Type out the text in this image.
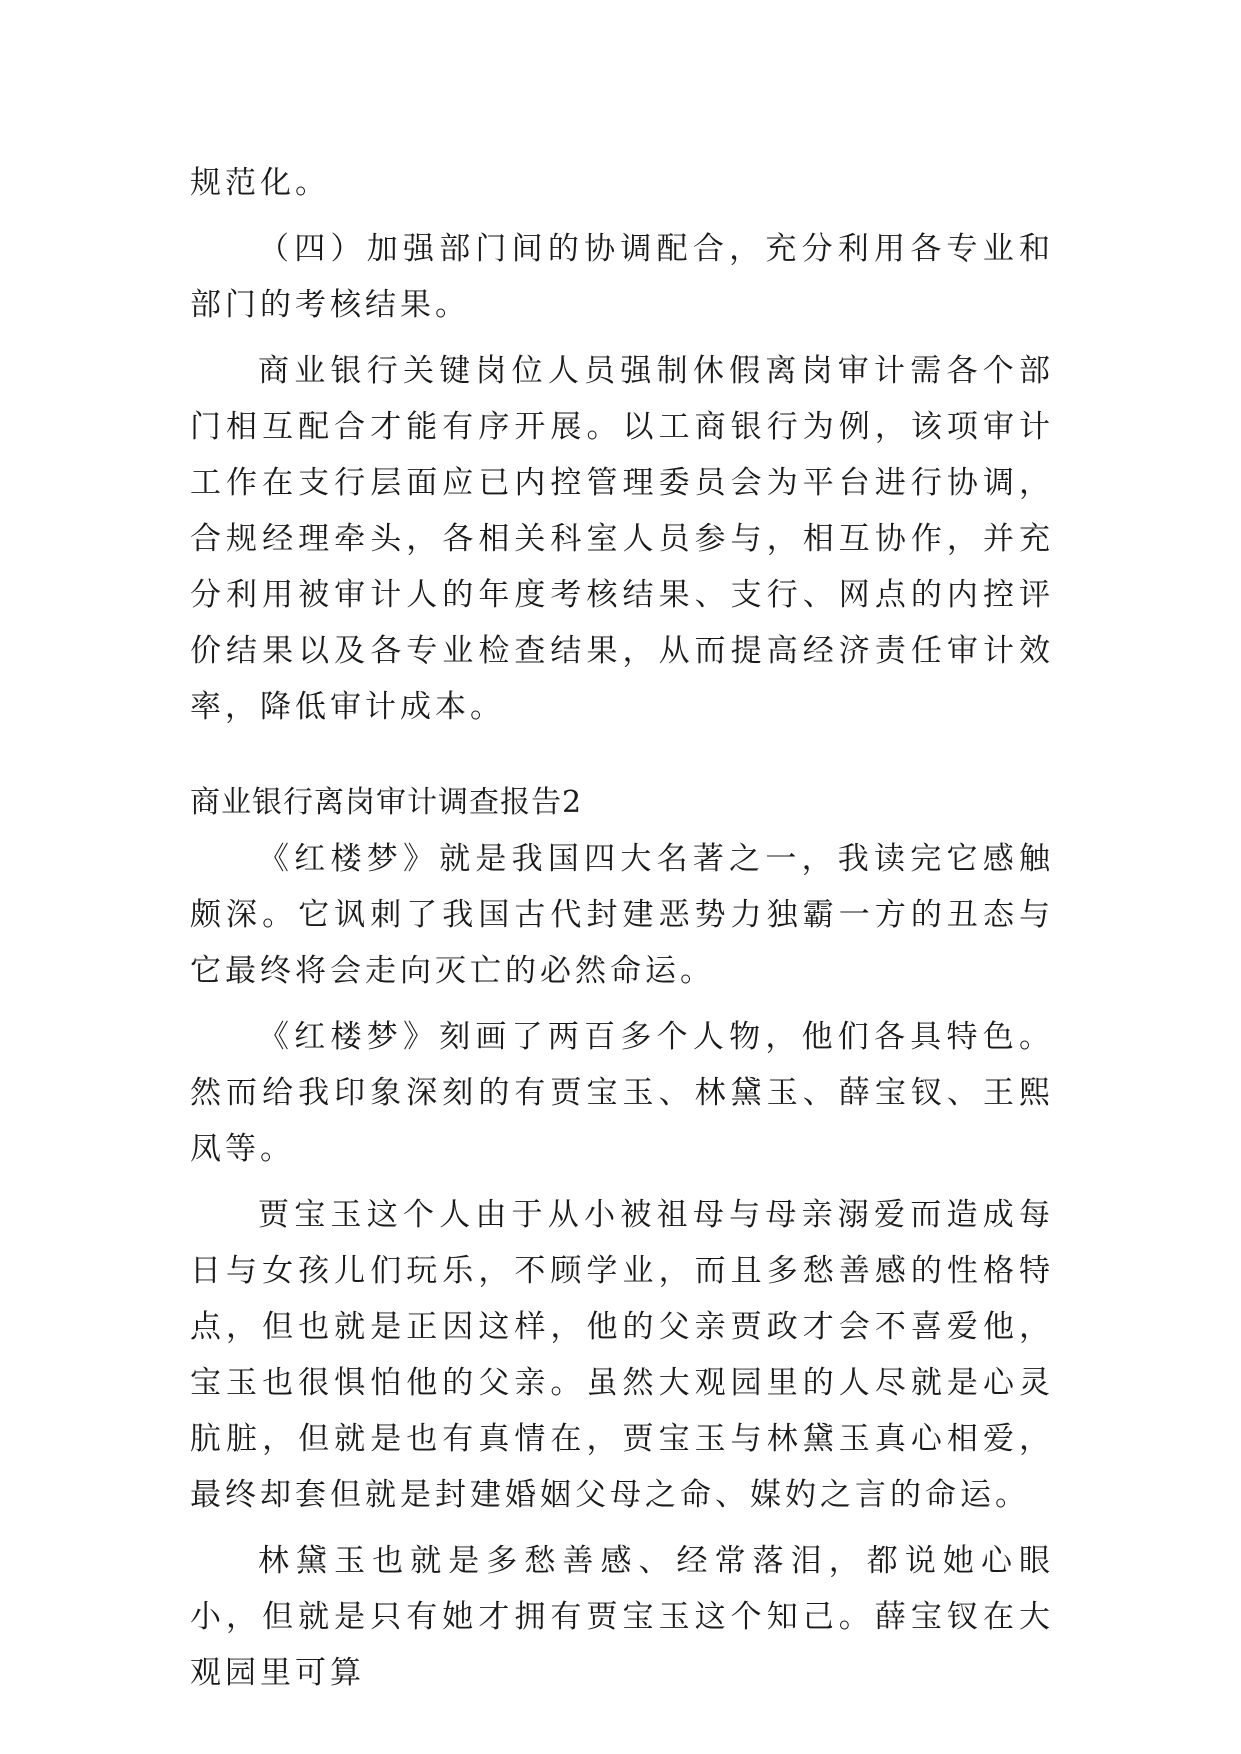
规范化。

（四）加强部门间的协调配合，充分利用各专业和部门的考核结果。

商业银行关键岗位人员强制休假离岗审计需各个部门相互配合才能有序开展。以工商银行为例，该项审计工作在支行层面应已内控管理委员会为平台进行协调，合规经理牵头，各相关科室人员参与，相互协作，并充分利用被审计人的年度考核结果、支行、网点的内控评价结果以及各专业检查结果，从而提高经济责任审计效率，降低审计成本。

商业银行离岗审计调查报告2

《红楼梦》就是我国四大名著之一，我读完它感触颇深。它讽刺了我国古代封建恶势力独霸一方的丑态与它最终将会走向灭亡的必然命运。

《红楼梦》刻画了两百多个人物，他们各具特色。然而给我印象深刻的有贾宝玉、林黛玉、薛宝钗、王熙凤等。

贾宝玉这个人由于从小被祖母与母亲溺爱而造成每日与女孩儿们玩乐，不顾学业，而且多愁善感的性格特点，但也就是正因这样，他的父亲贾政才会不喜爱他，宝玉也很惧怕他的父亲。虽然大观园里的人尽就是心灵肮脏，但就是也有真情在，贾宝玉与林黛玉真心相爱，最终却套但就是封建婚姻父母之命、媒妁之言的命运。

林黛玉也就是多愁善感、经常落泪，都说她心眼小，但就是只有她才拥有贾宝玉这个知己。薛宝钗在大观园里可算
